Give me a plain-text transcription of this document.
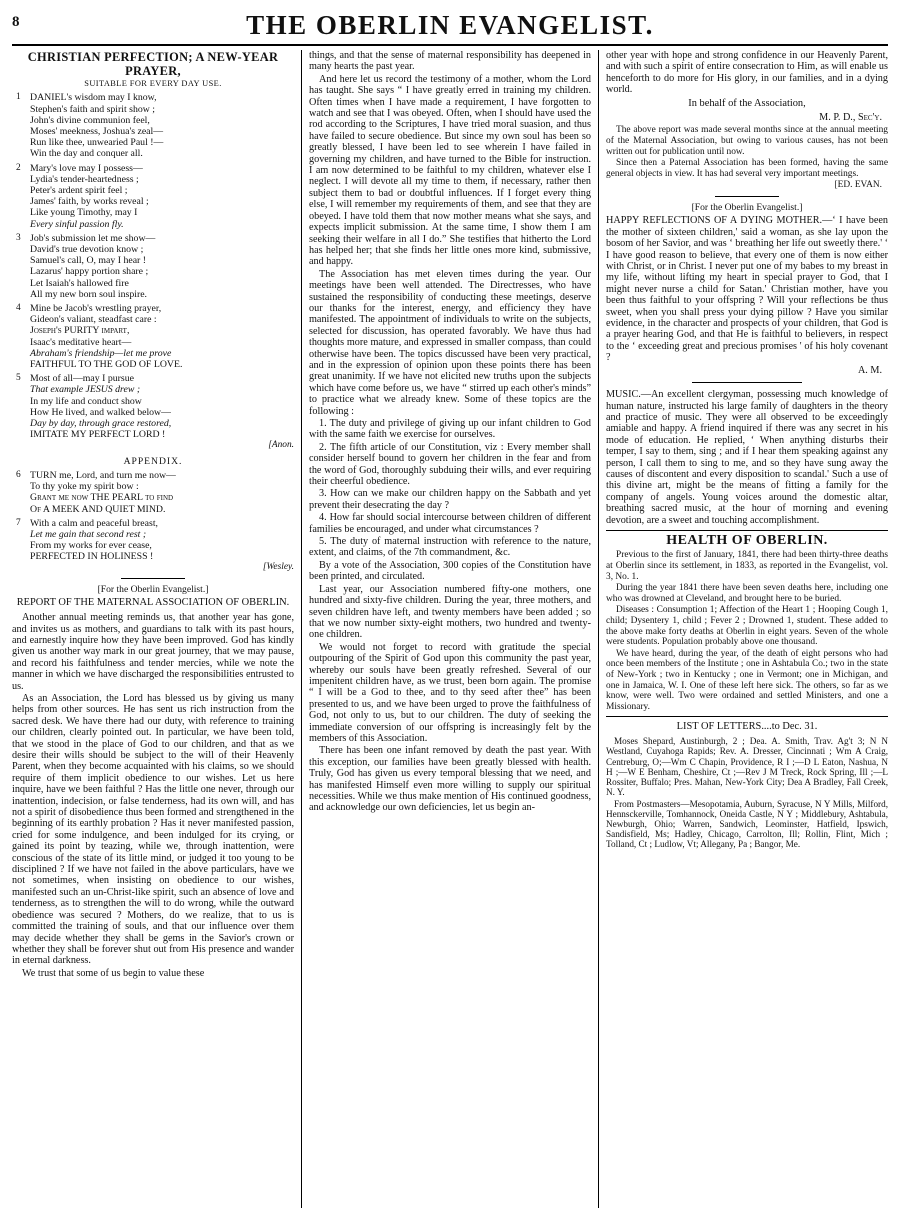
8	THE OBERLIN EVANGELIST.
CHRISTIAN PERFECTION; A NEW-YEAR PRAYER,
SUITABLE FOR EVERY DAY USE.
1 DANIEL's wisdom may I know,
Stephen's faith and spirit show ;
John's divine communion feel,
Moses' meekness, Joshua's zeal—
Run like thee, unwearied Paul !—
Win the day and conquer all.
2 Mary's love may I possess—
Lydia's tender-heartedness ;
Peter's ardent spirit feel ;
James' faith, by works reveal ;
Like young Timothy, may I
Every sinful passion fly.
3 Job's submission let me show—
David's true devotion know ;
Samuel's call, O, may I hear !
Lazarus' happy portion share ;
Let Isaiah's hallowed fire
All my new born soul inspire.
4 Mine be Jacob's wrestling prayer,
Gideon's valiant, steadfast care :
Joseph's PURITY impart,
Isaac's meditative heart—
Abraham's friendship—let me prove
FAITHFUL TO THE GOD OF LOVE.
5 Most of all—may I pursue
That example JESUS drew ;
In my life and conduct show
How He lived, and walked below—
Day by day, through grace restored,
IMITATE MY PERFECT LORD !
[Anon.
APPENDIX.
6 TURN me, Lord, and turn me now—
To thy yoke my spirit bow :
Grant me now THE PEARL to find
Of A MEEK AND QUIET MIND.
7 With a calm and peaceful breast,
Let me gain that second rest ;
From my works for ever cease,
PERFECTED IN HOLINESS !
[Wesley.
[For the Oberlin Evangelist.]
REPORT OF THE MATERNAL ASSOCIATION OF OBERLIN.

Another annual meeting reminds us, that another year has gone, and invites us as mothers, and guardians to talk with its past hours, and earnestly inquire how they have been improved. God has kindly given us another way mark in our great journey, that we may pause, and record his faithfulness and tender mercies, while we note the manner in which we have discharged the responsibilities entrusted to us.

As an Association, the Lord has blessed us by giving us many helps from other sources. He has sent us rich instruction from the sacred desk. We have there had our duty, with reference to training our children, clearly pointed out. In particular, we have been told, that we stood in the place of God to our children, and that as we desire their wills should be subject to the will of their Heavenly Parent, when they become acquainted with his claims, so we should require of them implicit obedience to our wishes. Let us here inquire, have we been faithful ? Has the little one never, through our inattention, indecision, or false tenderness, had its own will, and has not a spirit of disobedience thus been formed and strengthened in the beginning of its earthly probation ? Has it never manifested passion, cried for some indulgence, and been indulged for its crying, or gained its point by teazing, while we, through inattention, were conscious of the state of its little mind, or judged it too young to be disciplined ? If we have not failed in the above particulars, have we not sometimes, when insisting on obedience to our wishes, manifested such an un-Christ-like spirit, such an absence of love and tenderness, as to strengthen the will to do wrong, while the outward obedience was secured ? Mothers, do we realize, that to us is committed the training of souls, and that our influence over them may decide whether they shall be gems in the Savior's crown or whether they shall be forever shut out from His presence and wander in eternal darkness.

We trust that some of us begin to value these

things, and that the sense of maternal responsibility has deepened in many hearts the past year.

And here let us record the testimony of a mother, whom the Lord has taught. She says “ I have greatly erred in training my children. Often times when I have made a requirement, I have forgotten to watch and see that I was obeyed. Often, when I should have used the rod according to the Scriptures, I have tried moral suasion, and thus have failed to secure obedience. But since my own soul has been so greatly blessed, I have been led to see wherein I have failed in governing my children, and have turned to the Bible for instruction. I am now determined to be faithful to my children, whatever else I neglect. I will devote all my time to them, if necessary, rather then subject them to bad or doubtful influences. If I forget every thing else, I will remember my requirements of them, and see that they are obeyed. I have told them that now mother means what she says, and expects implicit submission. At the same time, I show them I am seeking their welfare in all I do.” She testifies that hitherto the Lord has helped her; that she finds her little ones more kind, submissive, and happy.

The Association has met eleven times during the year. Our meetings have been well attended. The Directresses, who have sustained the responsibility of conducting these meetings, deserve our thanks for the interest, energy, and efficiency they have manifested. The appointment of individuals to write on the subjects, selected for discussion, has operated favorably. We have thus had thoughts more mature, and expressed in smaller compass, than could otherwise have been. The topics discussed have been very practical, and in the expression of opinion upon these points there has been great unanimity. If we have not elicited new truths upon the subjects which have come before us, we have “ stirred up each other's minds” to practice what we already knew. Some of these topics are the following :

1. The duty and privilege of giving up our infant children to God with the same faith we exercise for ourselves.

2. The fifth article of our Constitution, viz : Every member shall consider herself bound to govern her children in the fear and from the word of God, thoroughly subduing their wills, and ever requiring their cheerful obedience.

3. How can we make our children happy on the Sabbath and yet prevent their desecrating the day ?

4. How far should social intercourse between children of different families be encouraged, and under what circumstances ?

5. The duty of maternal instruction with reference to the nature, extent, and claims, of the 7th commandment, &c.

By a vote of the Association, 300 copies of the Constitution have been printed, and circulated.

Last year, our Association numbered fifty-one mothers, one hundred and sixty-five children. During the year, three mothers, and seven children have left, and twenty members have been added ; so that we now number sixty-eight mothers, two hundred and twenty-one children.

We would not forget to record with gratitude the special outpouring of the Spirit of God upon this community the past year, whereby our souls have been greatly refreshed. Several of our impenitent children have, as we trust, been born again. The promise “ I will be a God to thee, and to thy seed after thee” has been presented to us, and we have been urged to prove the faithfulness of God, not only to us, but to our children. The duty of seeking the immediate conversion of our offspring is increasingly felt by the members of this Association.

There has been one infant removed by death the past year. With this exception, our families have been greatly blessed with health. Truly, God has given us every temporal blessing that we need, and has manifested Himself even more willing to supply our spiritual necessities. While we thus make mention of His continued goodness, and acknowledge our own deficiencies, let us begin an-

other year with hope and strong confidence in our Heavenly Parent, and with such a spirit of entire consecration to Him, as will enable us henceforth to do more for His glory, in our families, and in a dying world.

In behalf of the Association,
M. P. D., Sec'y.

The above report was made several months since at the annual meeting of the Maternal Association, but owing to various causes, has not been written out for publication until now.

Since then a Paternal Association has been formed, having the same general objects in view. It has had several very important meetings.

[ED. EVAN.
[For the Oberlin Evangelist.]

HAPPY REFLECTIONS OF A DYING MOTHER.—‘ I have been the mother of sixteen children,' said a woman, as she lay upon the bosom of her Savior, and was ‘ breathing her life out sweetly there.' ‘ I have good reason to believe, that every one of them is now either with Christ, or in Christ. I never put one of my babes to my breast in my life, without lifting my heart in special prayer to God, that I might never nurse a child for Satan.' Christian mother, have you been thus faithful to your offspring ? Will your reflections be thus sweet, when you shall press your dying pillow ? Have you similar evidence, in the character and prospects of your children, that God is a prayer hearing God, and that He is faithful to believers, in respect to the ‘ exceeding great and precious promises ' of his holy covenant ?

A. M.

MUSIC.—An excellent clergyman, possessing much knowledge of human nature, instructed his large family of daughters in the theory and practice of music. They were all observed to be exceedingly amiable and happy. A friend inquired if there was any secret in his mode of education. He replied, ‘ When anything disturbs their temper, I say to them, sing ; and if I hear them speaking against any person, I call them to sing to me, and so they have sung away the causes of discontent and every disposition to scandal.' Such a use of this divine art, might be the means of fitting a family for the company of angels. Young voices around the domestic altar, breathing sacred music, at the hour of morning and evening devotion, are a sweet and touching accomplishment.

HEALTH OF OBERLIN.

Previous to the first of January, 1841, there had been thirty-three deaths at Oberlin since its settlement, in 1833, as reported in the Evangelist, vol. 3, No. 1.

During the year 1841 there have been seven deaths here, including one who was drowned at Cleveland, and brought here to be buried.

Diseases : Consumption 1; Affection of the Heart 1 ; Hooping Cough 1, child; Dysentery 1, child ; Fever 2 ; Drowned 1, student. These added to the above make forty deaths at Oberlin in eight years. Seven of the whole were students. Population probably above one thousand.

We have heard, during the year, of the death of eight persons who had once been members of the Institute ; one in Ashtabula Co.; two in the state of New-York ; two in Kentucky ; one in Vermont; one in Michigan, and one in Jamaica, W. I. One of these left here sick. The others, so far as we know, were well. Two were ordained and settled Ministers, and one a Missionary.

LIST OF LETTERS....to Dec. 31.

Moses Shepard, Austinburgh, 2 ; Dea. A. Smith, Trav. Ag't 3; N N Westland, Cuyahoga Rapids; Rev. A. Dresser, Cincinnati ; Wm A Craig, Centreburg, O;—Wm C Chapin, Providence, R I ;—D L Eaton, Nashua, N H ;—W E Benham, Cheshire, Ct ;—Rev J M Treck, Rock Spring, Ill ;—L Rossiter, Buffalo; Pres. Mahan, New-York City; Dea A Bradley, Fall Creek, N. Y.

From Postmasters—Mesopotamia, Auburn, Syracuse, N Y Mills, Milford, Hennsckerville, Tomhannock, Oneida Castle, N Y ; Middlebury, Ashtabula, Newburgh, Ohio; Warren, Sandwich, Leominster, Hatfield, Ipswich, Sandisfield, Ms; Hadley, Chicago, Carrolton, Ill; Rollin, Flint, Mich ; Tolland, Ct ; Ludlow, Vt; Allegany, Pa ; Bangor, Me.
